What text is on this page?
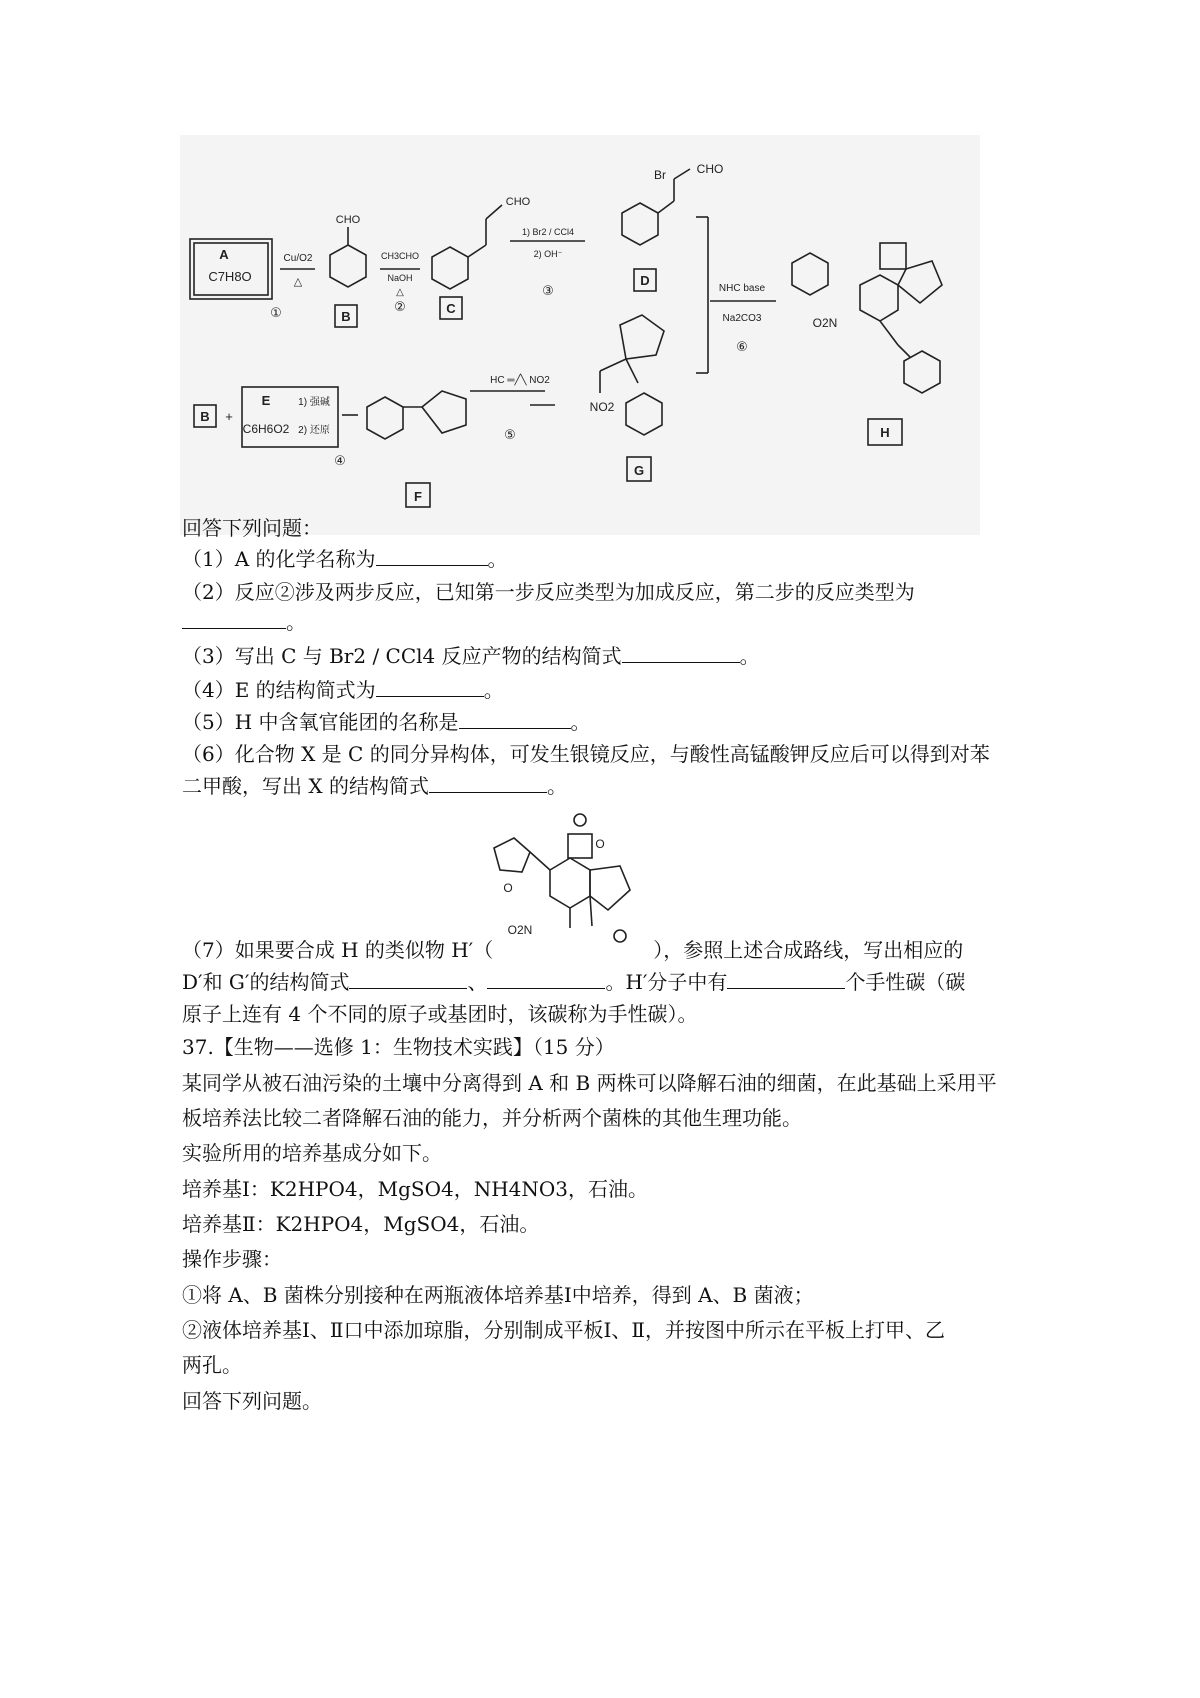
A
C7H8O
Cu/O2
△
①
CHO
B
CH3CHO
NaOH
△
②
CHO
C
1) Br2 / CCl4
2) OH⁻
③
Br	CHO
D
NHC base
Na2CO3
⑥
O2N
H
B +
E
C6H6O2
1) 强碱
2) 还原
④
F
HC ═╱╲ NO2
⑤
NO2
G
回答下列问题：
（1）A 的化学名称为	。
（2）反应②涉及两步反应，已知第一步反应类型为加成反应，第二步的反应类型为
。
（3）写出 C 与 Br2 / CCl4 反应产物的结构简式	。
（4）E 的结构简式为	。
（5）H 中含氧官能团的名称是	。
（6）化合物 X 是 C 的同分异构体，可发生银镜反应，与酸性高锰酸钾反应后可以得到对苯
二甲酸，写出 X 的结构简式	。
O
O
O2N
（7）如果要合成 H 的类似物 H′（	），参照上述合成路线，写出相应的
D′和 G′的结构简式	、	。H′分子中有	个手性碳（碳
原子上连有 4 个不同的原子或基团时，该碳称为手性碳）。
37.【生物——选修 1：生物技术实践】（15 分）
某同学从被石油污染的土壤中分离得到 A 和 B 两株可以降解石油的细菌，在此基础上采用平
板培养法比较二者降解石油的能力，并分析两个菌株的其他生理功能。
实验所用的培养基成分如下。
培养基Ⅰ：K2HPO4，MgSO4，NH4NO3，石油。
培养基Ⅱ：K2HPO4，MgSO4，石油。
操作步骤：
①将 A、B 菌株分别接种在两瓶液体培养基Ⅰ中培养，得到 A、B 菌液；
②液体培养基Ⅰ、Ⅱ口中添加琼脂，分别制成平板Ⅰ、Ⅱ，并按图中所示在平板上打甲、乙
两孔。
回答下列问题。
